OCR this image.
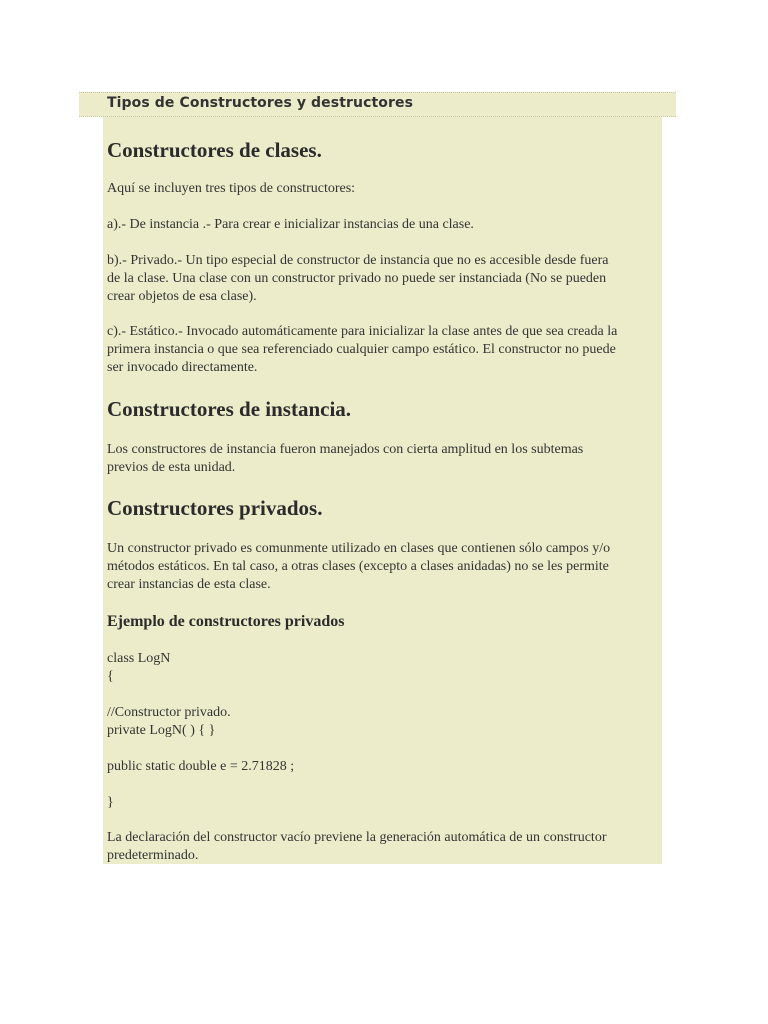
Tipos de Constructores y destructores
Constructores de clases.

Aquí se incluyen tres tipos de constructores:

a).- De instancia .- Para crear e inicializar instancias de una clase.

b).- Privado.- Un tipo especial de constructor de instancia que no es accesible desde fuera
de la clase. Una clase con un constructor privado no puede ser instanciada (No se pueden
crear objetos de esa clase).

c).- Estático.- Invocado automáticamente para inicializar la clase antes de que sea creada la
primera instancia o que sea referenciado cualquier campo estático. El constructor no puede
ser invocado directamente.

Constructores de instancia.

Los constructores de instancia fueron manejados con cierta amplitud en los subtemas
previos de esta unidad.

Constructores privados.

Un constructor privado es comunmente utilizado en clases que contienen sólo campos y/o
métodos estáticos. En tal caso, a otras clases (excepto a clases anidadas) no se les permite
crear instancias de esta clase.

Ejemplo de constructores privados

class LogN
{

//Constructor privado.
private LogN( ) { }

public static double e = 2.71828 ;

}

La declaración del constructor vacío previene la generación automática de un constructor
predeterminado.
